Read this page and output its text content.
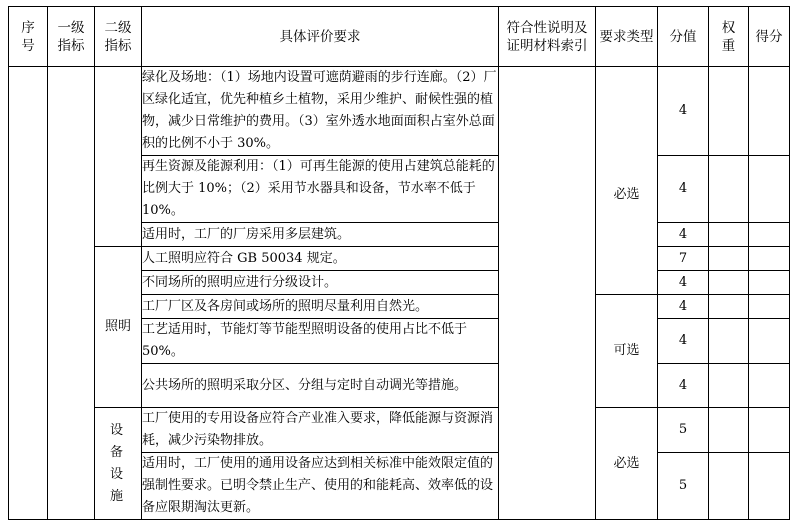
序号	一级指标	二级指标	具体评价要求	符合性说明及证明材料索引	要求类型	分值	权重	得分
			绿化及场地：（1）场地内设置可遮荫避雨的步行连廊。（2）厂区绿化适宜，优先种植乡土植物，采用少维护、耐候性强的植物，减少日常维护的费用。（3）室外透水地面面积占室外总面积的比例不小于 30%。		必选	4		
			再生资源及能源利用：（1）可再生能源的使用占建筑总能耗的比例大于 10%；（2）采用节水器具和设备，节水率不低于 10%。			4		
			适用时，工厂的厂房采用多层建筑。			4		
		照明	人工照明应符合 GB 50034 规定。			7		
			不同场所的照明应进行分级设计。			4		
			工厂厂区及各房间或场所的照明尽量利用自然光。		可选	4		
			工艺适用时，节能灯等节能型照明设备的使用占比不低于 50%。			4		
			公共场所的照明采取分区、分组与定时自动调光等措施。			4		

		设备设施	工厂使用的专用设备应符合产业准入要求，降低能源与资源消耗，减少污染物排放。		必选	5		
			适用时，工厂使用的通用设备应达到相关标准中能效限定值的强制性要求。已明令禁止生产、使用的和能耗高、效率低的设备应限期淘汰更新。			5		
